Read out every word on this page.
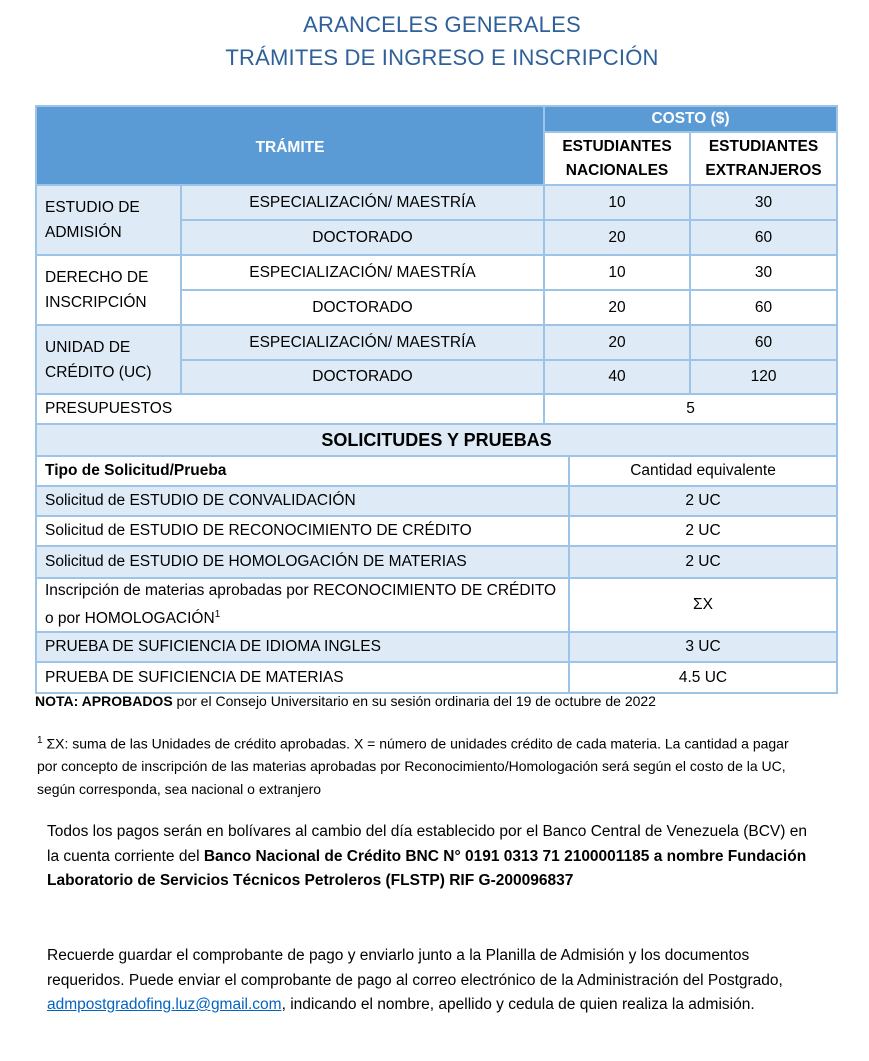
ARANCELES GENERALES
TRÁMITES DE INGRESO E INSCRIPCIÓN
TRÁMITE		COSTO ($)	
		ESTUDIANTES NACIONALES	ESTUDIANTES EXTRANJEROS
ESTUDIO DE ADMISIÓN	ESPECIALIZACIÓN/ MAESTRÍA	10	30
	DOCTORADO	20	60
DERECHO DE INSCRIPCIÓN	ESPECIALIZACIÓN/ MAESTRÍA	10	30
	DOCTORADO	20	60
UNIDAD DE CRÉDITO (UC)	ESPECIALIZACIÓN/ MAESTRÍA	20	60
	DOCTORADO	40	120
PRESUPUESTOS		5	
SOLICITUDES Y PRUEBAS	
Tipo de Solicitud/Prueba	Cantidad equivalente
Solicitud de ESTUDIO DE CONVALIDACIÓN	2 UC
Solicitud de ESTUDIO DE RECONOCIMIENTO DE CRÉDITO	2 UC
Solicitud de ESTUDIO DE HOMOLOGACIÓN DE MATERIAS	2 UC
Inscripción de materias aprobadas por RECONOCIMIENTO DE CRÉDITO o por HOMOLOGACIÓN$^1$	ΣX
PRUEBA DE SUFICIENCIA DE IDIOMA INGLES	3 UC
PRUEBA DE SUFICIENCIA DE MATERIAS	4.5 UC
NOTA: APROBADOS por el Consejo Universitario en su sesión ordinaria del 19 de octubre de 2022
$^1$ ΣX: suma de las Unidades de crédito aprobadas. X = número de unidades crédito de cada materia. La cantidad a pagar por concepto de inscripción de las materias aprobadas por Reconocimiento/Homologación será según el costo de la UC, según corresponda, sea nacional o extranjero
Todos los pagos serán en bolívares al cambio del día establecido por el Banco Central de Venezuela (BCV) en la cuenta corriente del Banco Nacional de Crédito BNC N° 0191 0313 71 2100001185 a nombre Fundación Laboratorio de Servicios Técnicos Petroleros (FLSTP) RIF G-200096837
Recuerde guardar el comprobante de pago y enviarlo junto a la Planilla de Admisión y los documentos requeridos. Puede enviar el comprobante de pago al correo electrónico de la Administración del Postgrado, admpostgradofing.luz@gmail.com, indicando el nombre, apellido y cedula de quien realiza la admisión.
